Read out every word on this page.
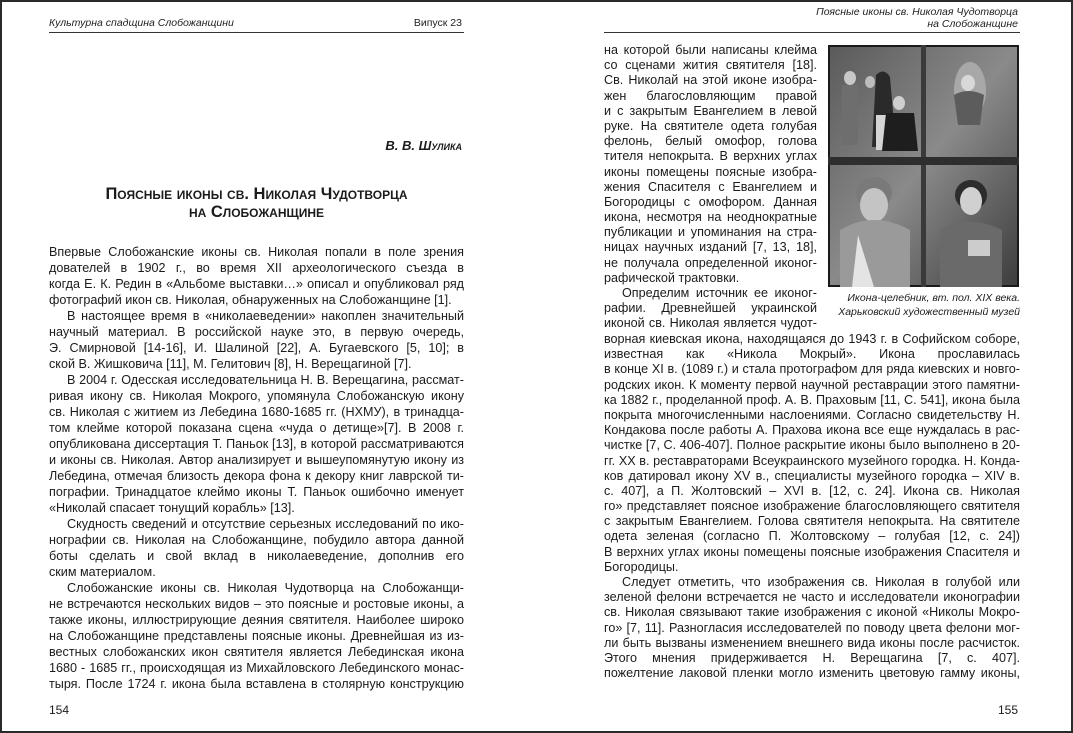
Культурна спадщина Слобожанщини	Випуск 23
В. В. Шулика
Поясные иконы св. Николая Чудотворца
на Слобожанщине
Впервые Слобожанские иконы св. Николая попали в поле зрения
дователей в 1902 г., во время XII археологического съезда в
когда Е. К. Редин в «Альбоме выставки…» описал и опубликовал ряд
фотографий икон св. Николая, обнаруженных на Слобожанщине [1].
В настоящее время в «николаеведении» накоплен значительный
научный материал. В российской науке это, в первую очередь,
Э. Смирновой [14-16], И. Шалиной [22], А. Бугаевского [5, 10]; в
ской В. Жишковича [11], М. Гелитович [8], Н. Верещагиной [7].
В 2004 г. Одесская исследовательница Н. В. Верещагина, рассмат-
ривая икону св. Николая Мокрого, упомянула Слобожанскую икону
св. Николая с житием из Лебедина 1680-1685 гг. (НХМУ), в тринадца-
том клейме которой показана сцена «чуда о детище»[7]. В 2008 г.
опубликована диссертация Т. Паньок [13], в которой рассматриваются
и иконы св. Николая. Автор анализирует и вышеупомянутую икону из
Лебедина, отмечая близость декора фона к декору книг лаврской ти-
пографии. Тринадцатое клеймо иконы Т. Паньок ошибочно именует
«Николай спасает тонущий корабль» [13].
Скудность сведений и отсутствие серьезных исследований по ико-
нографии св. Николая на Слобожанщине, побудило автора данной
боты сделать и свой вклад в николаеведение, дополнив его
ским материалом.
Слобожанские иконы св. Николая Чудотворца на Слобожанщи-
не встречаются нескольких видов – это поясные и ростовые иконы, а
также иконы, иллюстрирующие деяния святителя. Наиболее широко
на Слобожанщине представлены поясные иконы. Древнейшая из из-
вестных слобожанских икон святителя является Лебединская икона
1680 - 1685 гг., происходящая из Михайловского Лебединского монас-
тыря. После 1724 г. икона была вставлена в столярную конструкцию
154
Поясные иконы св. Николая Чудотворца
на Слобожанщине
на которой были написаны клейма
со сценами жития святителя [18].
Св. Николай на этой иконе изобра-
жен благословляющим правой
и с закрытым Евангелием в левой
руке. На святителе одета голубая
фелонь, белый омофор, голова
тителя непокрыта. В верхних углах
иконы помещены поясные изобра-
жения Спасителя с Евангелием и
Богородицы с омофором. Данная
икона, несмотря на неоднократные
публикации и упоминания на стра-
ницах научных изданий [7, 13, 18],
не получала определенной иконог-
рафической трактовки.
Определим источник ее иконог-
рафии. Древнейшей украинской
иконой св. Николая является чудот-
ворная киевская икона, находящаяся до 1943 г. в Софийском соборе,
известная как «Никола Мокрый». Икона прославилась
в конце XI в. (1089 г.) и стала протографом для ряда киевских и новго-
родских икон. К моменту первой научной реставрации этого памятни-
ка 1882 г., проделанной проф. А. В. Праховым [11, С. 541], икона была
покрыта многочисленными наслоениями. Согласно свидетельству Н.
Кондакова после работы А. Прахова икона все еще нуждалась в рас-
чистке [7, С. 406-407]. Полное раскрытие иконы было выполнено в 20-
гг. XX в. реставраторами Всеукраинского музейного городка. Н. Конда-
ков датировал икону XV в., специалисты музейного городка – XIV в.
с. 407], а П. Жолтовский – XVI в. [12, с. 24]. Икона св. Николая
го» представляет поясное изображение благословляющего святителя
с закрытым Евангелием. Голова святителя непокрыта. На святителе
одета зеленая (согласно П. Жолтовскому – голубая [12, с. 24])
В верхних углах иконы помещены поясные изображения Спасителя и
Богородицы.
Следует отметить, что изображения св. Николая в голубой или
зеленой фелони встречается не часто и исследователи иконографии
св. Николая связывают такие изображения с иконой «Николы Мокро-
го» [7, 11]. Разногласия исследователей по поводу цвета фелони мог-
ли быть вызваны изменением внешнего вида иконы после расчисток.
Этого мнения придерживается Н. Верещагина [7, с. 407].
пожелтение лаковой пленки могло изменить цветовую гамму иконы,
Икона-целебник, вт. пол. XIX века.
Харьковский художественный музей
155
